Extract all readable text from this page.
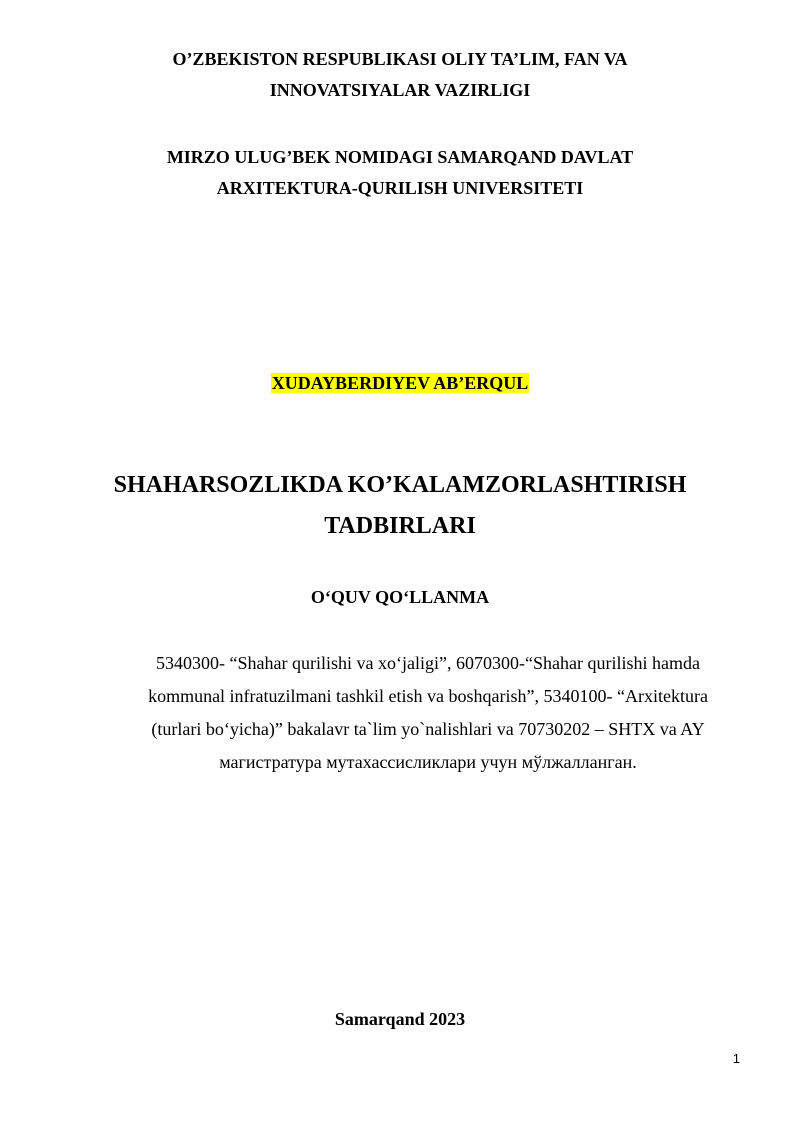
O’ZBEKISTON RESPUBLIKASI OLIY TA’LIM, FAN VA
INNOVATSIYALAR VAZIRLIGI
MIRZO ULUG’BEK NOMIDAGI SAMARQAND DAVLAT
ARXITEKTURA-QURILISH UNIVERSITETI
XUDAYBERDIYEV AB’ERQUL
SHAHARSOZLIKDA KO’KALAMZORLASHTIRISH
TADBIRLARI
O‘QUV QO‘LLANMA
5340300- “Shahar qurilishi va xo‘jaligi”, 6070300-“Shahar qurilishi hamda
kommunal infratuzilmani tashkil etish va boshqarish”, 5340100- “Arxitektura
(turlari bo‘yicha)” bakalavr ta`lim yo`nalishlari va 70730202 – SHTX va AY
магистратура мутахассисликлари учун мўлжалланган.
Samarqand 2023
1
